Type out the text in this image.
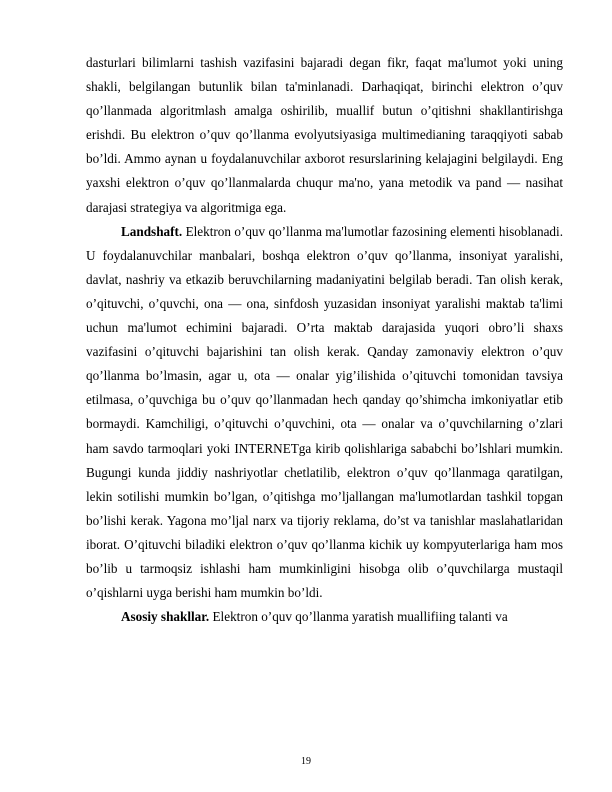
dasturlari bilimlarni tashish vazifasini bajaradi degan fikr, faqat ma'lumot yoki uning shakli, belgilangan butunlik bilan ta'minlanadi. Darhaqiqat, birinchi elektron o’quv qo’llanmada algoritmlash amalga oshirilib, muallif butun o’qitishni shakllantirishga erishdi. Bu elektron o’quv qo’llanma evolyutsiyasiga multimedianing taraqqiyoti sabab bo’ldi. Ammo aynan u foydalanuvchilar axborot resurslarining kelajagini belgilaydi. Eng yaxshi elektron o’quv qo’llanmalarda chuqur ma'no, yana metodik va pand — nasihat darajasi strategiya va algoritmiga ega.

Landshaft. Elektron o’quv qo’llanma ma'lumotlar fazosining elementi hisoblanadi. U foydalanuvchilar manbalari, boshqa elektron o’quv qo’llanma, insoniyat yaralishi, davlat, nashriy va etkazib beruvchilarning madaniyatini belgilab beradi. Tan olish kerak, o’qituvchi, o’quvchi, ona — ona, sinfdosh yuzasidan insoniyat yaralishi maktab ta'limi uchun ma'lumot echimini bajaradi. O’rta maktab darajasida yuqori obro’li shaxs vazifasini o’qituvchi bajarishini tan olish kerak. Qanday zamonaviy elektron o’quv qo’llanma bo’lmasin, agar u, ota — onalar yig’ilishida o’qituvchi tomonidan tavsiya etilmasa, o’quvchiga bu o’quv qo’llanmadan hech qanday qo’shimcha imkoniyatlar etib bormaydi. Kamchiligi, o’qituvchi o’quvchini, ota — onalar va o’quvchilarning o’zlari ham savdo tarmoqlari yoki INTERNETga kirib qolishlariga sababchi bo’lshlari mumkin. Bugungi kunda jiddiy nashriyotlar chetlatilib, elektron o’quv qo’llanmaga qaratilgan, lekin sotilishi mumkin bo’lgan, o’qitishga mo’ljallangan ma'lumotlardan tashkil topgan bo’lishi kerak. Yagona mo’ljal narx va tijoriy reklama, do’st va tanishlar maslahatlaridan iborat. O’qituvchi biladiki elektron o’quv qo’llanma kichik uy kompyuterlariga ham mos bo’lib u tarmoqsiz ishlashi ham mumkinligini hisobga olib o’quvchilarga mustaqil o’qishlarni uyga berishi ham mumkin bo’ldi.

Asosiy shakllar. Elektron o’quv qo’llanma yaratish muallifiing talanti va

19
